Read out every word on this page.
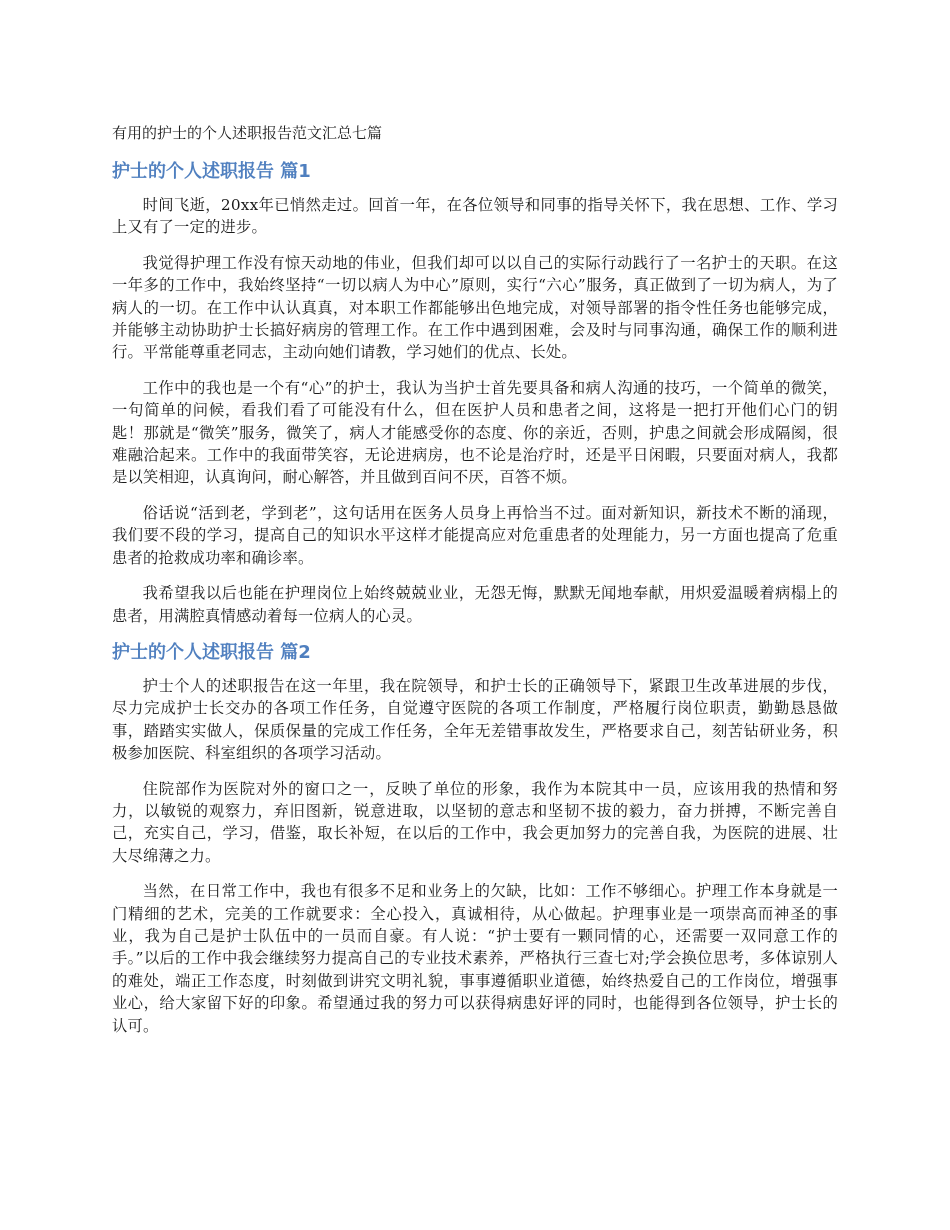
有用的护士的个人述职报告范文汇总七篇
护士的个人述职报告 篇1

时间飞逝，20xx年已悄然走过。回首一年，在各位领导和同事的指导关怀下，我在思想、工作、学习上又有了一定的进步。

我觉得护理工作没有惊天动地的伟业，但我们却可以以自己的实际行动践行了一名护士的天职。在这一年多的工作中，我始终坚持“一切以病人为中心”原则，实行“六心”服务，真正做到了一切为病人，为了病人的一切。在工作中认认真真，对本职工作都能够出色地完成，对领导部署的指令性任务也能够完成，并能够主动协助护士长搞好病房的管理工作。在工作中遇到困难，会及时与同事沟通，确保工作的顺利进行。平常能尊重老同志，主动向她们请教，学习她们的优点、长处。

工作中的我也是一个有“心”的护士，我认为当护士首先要具备和病人沟通的技巧，一个简单的微笑，一句简单的问候，看我们看了可能没有什么，但在医护人员和患者之间，这将是一把打开他们心门的钥匙！那就是“微笑”服务，微笑了，病人才能感受你的态度、你的亲近，否则，护患之间就会形成隔阂，很难融洽起来。工作中的我面带笑容，无论进病房，也不论是治疗时，还是平日闲暇，只要面对病人，我都是以笑相迎，认真询问，耐心解答，并且做到百问不厌，百答不烦。

俗话说“活到老，学到老”，这句话用在医务人员身上再恰当不过。面对新知识，新技术不断的涌现，我们要不段的学习，提高自己的知识水平这样才能提高应对危重患者的处理能力，另一方面也提高了危重患者的抢救成功率和确诊率。

我希望我以后也能在护理岗位上始终兢兢业业，无怨无悔，默默无闻地奉献，用炽爱温暖着病榻上的患者，用满腔真情感动着每一位病人的心灵。

护士的个人述职报告 篇2

护士个人的述职报告在这一年里，我在院领导，和护士长的正确领导下，紧跟卫生改革进展的步伐，尽力完成护士长交办的各项工作任务，自觉遵守医院的各项工作制度，严格履行岗位职责，勤勤恳恳做事，踏踏实实做人，保质保量的完成工作任务，全年无差错事故发生，严格要求自己，刻苦钻研业务，积极参加医院、科室组织的各项学习活动。

住院部作为医院对外的窗口之一，反映了单位的形象，我作为本院其中一员，应该用我的热情和努力，以敏锐的观察力，弃旧图新，锐意进取，以坚韧的意志和坚韧不拔的毅力，奋力拼搏，不断完善自己，充实自己，学习，借鉴，取长补短，在以后的工作中，我会更加努力的完善自我，为医院的进展、壮大尽绵薄之力。

当然，在日常工作中，我也有很多不足和业务上的欠缺，比如：工作不够细心。护理工作本身就是一门精细的艺术，完美的工作就要求：全心投入，真诚相待，从心做起。护理事业是一项崇高而神圣的事业，我为自己是护士队伍中的一员而自豪。有人说：“护士要有一颗同情的心，还需要一双同意工作的手。”以后的工作中我会继续努力提高自己的专业技术素养，严格执行三查七对;学会换位思考，多体谅别人的难处，端正工作态度，时刻做到讲究文明礼貌，事事遵循职业道德，始终热爱自己的工作岗位，增强事业心，给大家留下好的印象。希望通过我的努力可以获得病患好评的同时，也能得到各位领导，护士长的认可。
